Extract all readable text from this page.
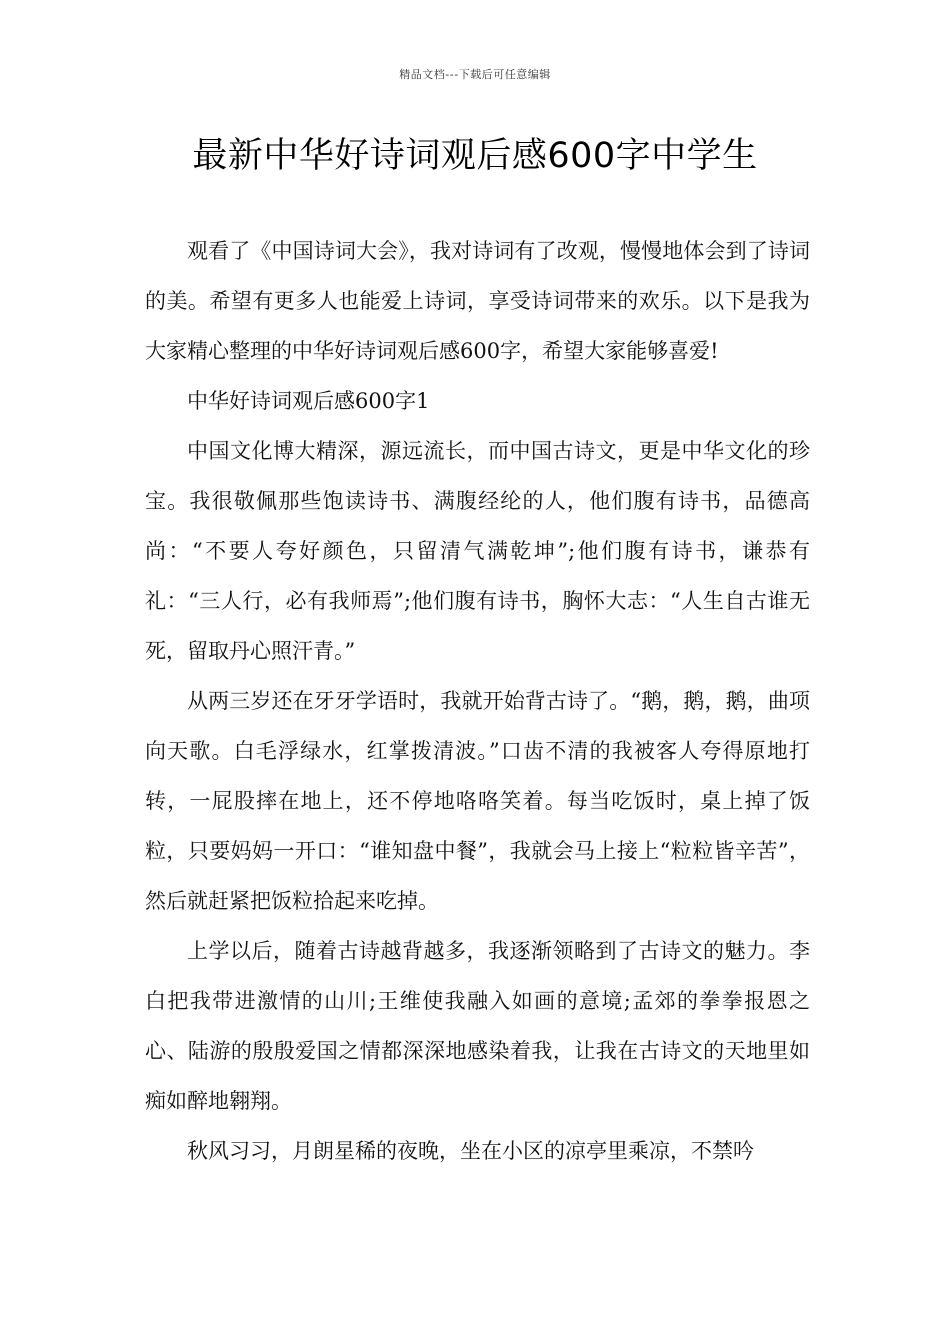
精品文档---下载后可任意编辑
最新中华好诗词观后感600字中学生

观看了《中国诗词大会》，我对诗词有了改观，慢慢地体会到了诗词的美。希望有更多人也能爱上诗词，享受诗词带来的欢乐。以下是我为大家精心整理的中华好诗词观后感600字，希望大家能够喜爱!

中华好诗词观后感600字1

中国文化博大精深，源远流长，而中国古诗文，更是中华文化的珍宝。我很敬佩那些饱读诗书、满腹经纶的人，他们腹有诗书，品德高尚：“不要人夸好颜色，只留清气满乾坤”;他们腹有诗书，谦恭有礼：“三人行，必有我师焉”;他们腹有诗书，胸怀大志：“人生自古谁无死，留取丹心照汗青。”

从两三岁还在牙牙学语时，我就开始背古诗了。“鹅，鹅，鹅，曲项向天歌。白毛浮绿水，红掌拨清波。”口齿不清的我被客人夸得原地打转，一屁股摔在地上，还不停地咯咯笑着。每当吃饭时，桌上掉了饭粒，只要妈妈一开口：“谁知盘中餐”，我就会马上接上“粒粒皆辛苦”，然后就赶紧把饭粒拾起来吃掉。

上学以后，随着古诗越背越多，我逐渐领略到了古诗文的魅力。李白把我带进激情的山川;王维使我融入如画的意境;孟郊的拳拳报恩之心、陆游的殷殷爱国之情都深深地感染着我，让我在古诗文的天地里如痴如醉地翱翔。

秋风习习，月朗星稀的夜晚，坐在小区的凉亭里乘凉，不禁吟
